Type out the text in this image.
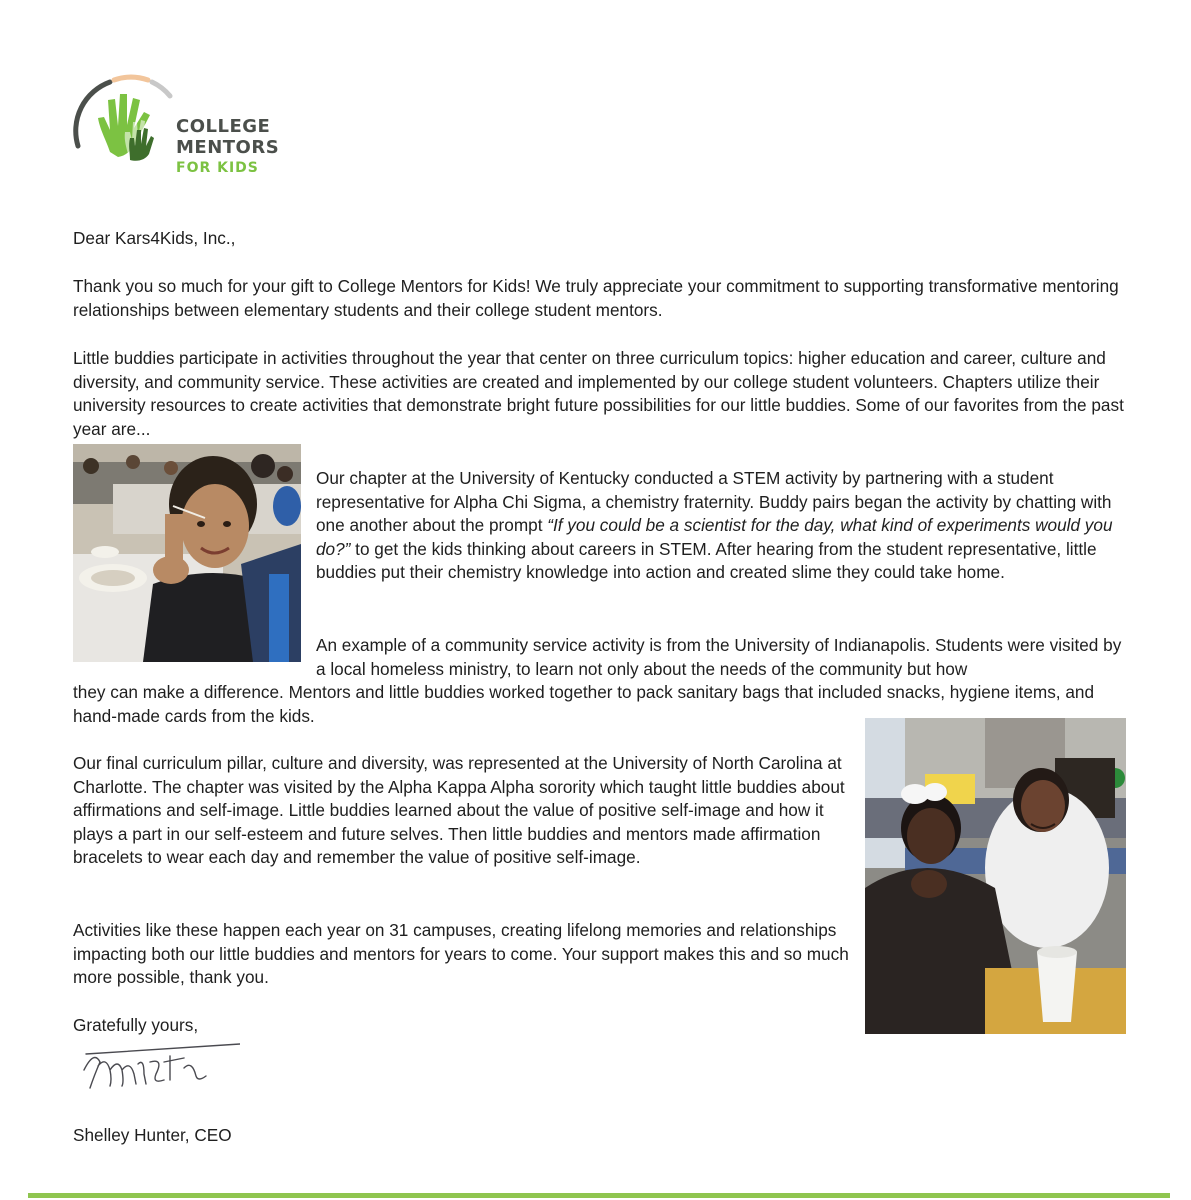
COLLEGE
MENTORS
FOR KIDS

Dear Kars4Kids, Inc.,

Thank you so much for your gift to College Mentors for Kids! We truly appreciate your commitment to supporting transformative mentoring relationships between elementary students and their college student mentors.

Little buddies participate in activities throughout the year that center on three curriculum topics: higher education and career, culture and diversity, and community service. These activities are created and implemented by our college student volunteers. Chapters utilize their university resources to create activities that demonstrate bright future possibilities for our little buddies. Some of our favorites from the past year are...

Our chapter at the University of Kentucky conducted a STEM activity by partnering with a student representative for Alpha Chi Sigma, a chemistry fraternity. Buddy pairs began the activity by chatting with one another about the prompt “If you could be a scientist for the day, what kind of experiments would you do?” to get the kids thinking about careers in STEM. After hearing from the student representative, little buddies put their chemistry knowledge into action and created slime they could take home.

An example of a community service activity is from the University of Indianapolis. Students were visited by a local homeless ministry, to learn not only about the needs of the community but how

they can make a difference. Mentors and little buddies worked together to pack sanitary bags that included snacks, hygiene items, and hand-made cards from the kids.

Our final curriculum pillar, culture and diversity, was represented at the University of North Carolina at Charlotte. The chapter was visited by the Alpha Kappa Alpha sorority which taught little buddies about affirmations and self-image. Little buddies learned about the value of positive self-image and how it plays a part in our self-esteem and future selves. Then little buddies and mentors made affirmation bracelets to wear each day and remember the value of positive self-image.

Activities like these happen each year on 31 campuses, creating lifelong memories and relationships impacting both our little buddies and mentors for years to come. Your support makes this and so much more possible, thank you.

Gratefully yours,

Shelley Hunter, CEO
